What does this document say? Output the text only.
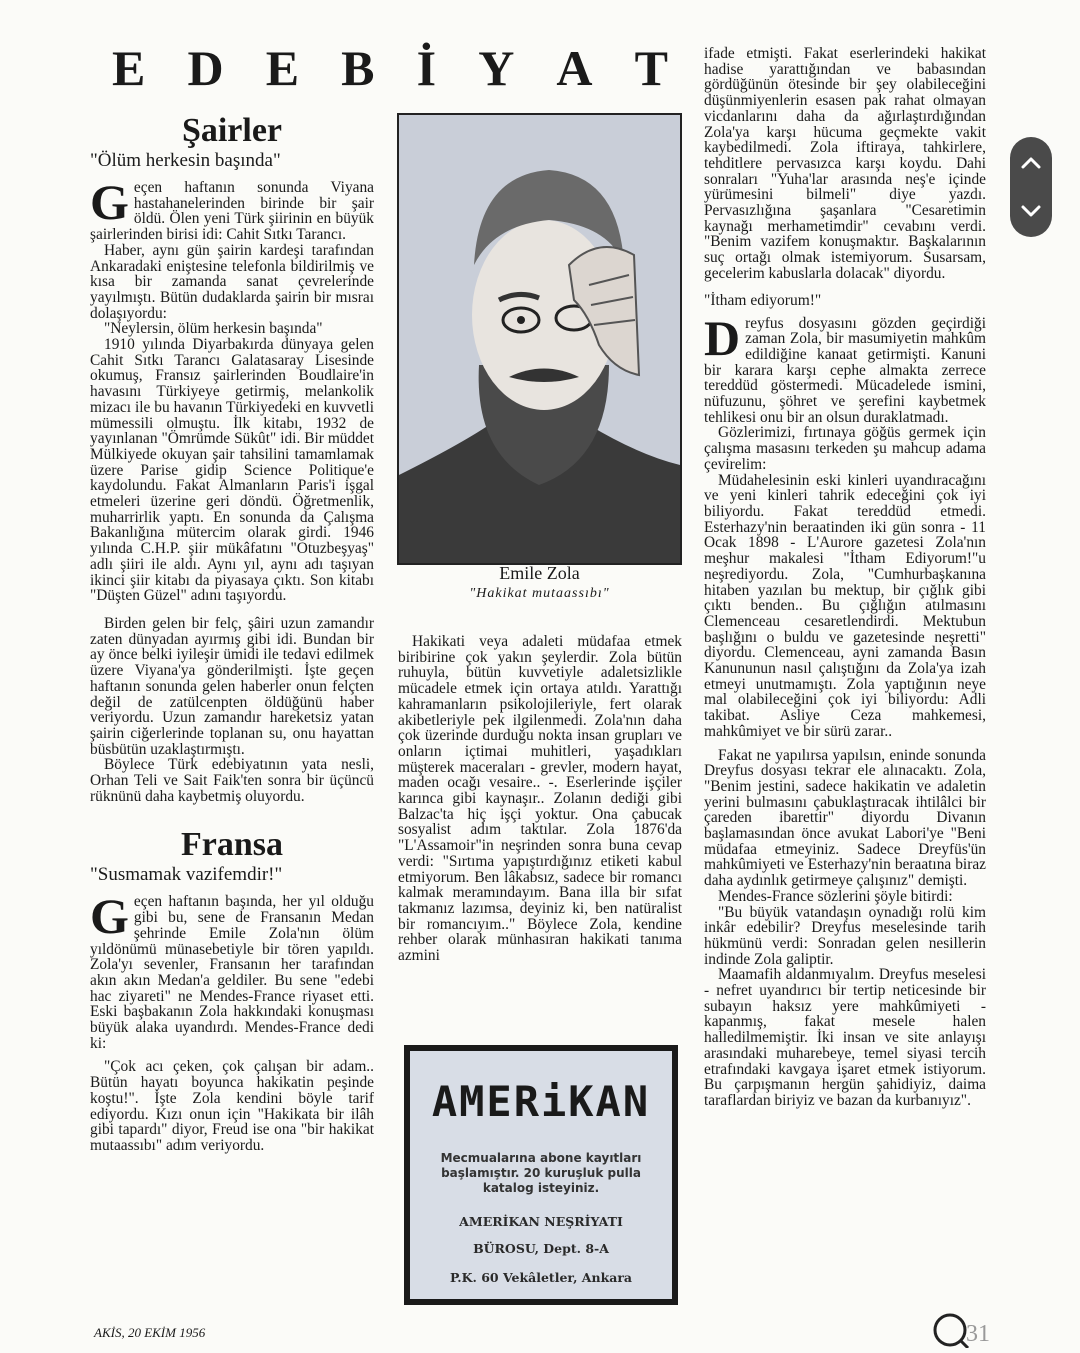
E D E B İ Y A T
Şairler
"Ölüm herkesin başında"

Geçen haftanın sonunda Viyana hastahanelerinden birinde bir şair öldü. Ölen yeni Türk şiirinin en büyük şairlerinden birisi idi: Cahit Sıtkı Tarancı.

Haber, aynı gün şairin kardeşi tarafından Ankaradaki eniştesine telefonla bildirilmiş ve kısa bir zamanda sanat çevrelerinde yayılmıştı. Bütün dudaklarda şairin bir mısraı dolaşıyordu:

"Neylersin, ölüm herkesin başında"

1910 yılında Diyarbakırda dünyaya gelen Cahit Sıtkı Tarancı Galatasaray Lisesinde okumuş, Fransız şairlerinden Boudlaire'in havasını Türkiyeye getirmiş, melankolik mizacı ile bu havanın Türkiyedeki en kuvvetli mümessili olmuştu. İlk kitabı, 1932 de yayınlanan "Ömrümde Sükût" idi. Bir müddet Mülkiyede okuyan şair tahsilini tamamlamak üzere Parise gidip Science Politique'e kaydolundu. Fakat Almanların Paris'i işgal etmeleri üzerine geri döndü. Öğretmenlik, muharrirlik yaptı. En sonunda da Çalışma Bakanlığına mütercim olarak girdi. 1946 yılında C.H.P. şiir mükâfatını "Otuzbeşyaş" adlı şiiri ile aldı. Aynı yıl, aynı adı taşıyan ikinci şiir kitabı da piyasaya çıktı. Son kitabı "Düşten Güzel" adını taşıyordu.

Birden gelen bir felç, şâiri uzun zamandır zaten dünyadan ayırmış gibi idi. Bundan bir ay önce belki iyileşir ümidi ile tedavi edilmek üzere Viyana'ya gönderilmişti. İşte geçen haftanın sonunda gelen haberler onun felçten değil de zatülcenpten öldüğünü haber veriyordu. Uzun zamandır hareketsiz yatan şairin ciğerlerinde toplanan su, onu hayattan büsbütün uzaklaştırmıştı.

Böylece Türk edebiyatının yata nesli, Orhan Teli ve Sait Faik'ten sonra bir üçüncü rüknünü daha kaybetmiş oluyordu.

Fransa
"Susmamak vazifemdir!"

Geçen haftanın başında, her yıl olduğu gibi bu, sene de Fransanın Medan şehrinde Emile Zola'nın ölüm yıldönümü münasebetiyle bir tören yapıldı. Zola'yı sevenler, Fransanın her tarafından akın akın Medan'a geldiler. Bu sene "edebi hac ziyareti" ne Mendes-France riyaset etti. Eski başbakanın Zola hakkındaki konuşması büyük alaka uyandırdı. Mendes-France dedi ki:

"Çok acı çeken, çok çalışan bir adam.. Bütün hayatı boyunca hakikatin peşinde koştu!". İşte Zola kendini böyle tarif ediyordu. Kızı onun için "Hakikata bir ilâh gibi tapardı" diyor, Freud ise ona "bir hakikat mutaassıbı" adım veriyordu.

Emile Zola
"Hakikat mutaassıbı"

Hakikati veya adaleti müdafaa etmek biribirine çok yakın şeylerdir. Zola bütün ruhuyla, bütün kuvvetiyle adaletsizlikle mücadele etmek için ortaya atıldı. Yarattığı kahramanların psikolojileriyle, fert olarak akibetleriyle pek ilgilenmedi. Zola'nın daha çok üzerinde durduğu nokta insan grupları ve onların içtimai muhitleri, yaşadıkları müşterek maceraları - grevler, modern hayat, maden ocağı vesaire.. -. Eserlerinde işçiler karınca gibi kaynaşır.. Zolanın dediği gibi Balzac'ta hiç işçi yoktur. Ona çabucak sosyalist adım taktılar. Zola 1876'da "L'Assamoir"in neşrinden sonra buna cevap verdi: "Sırtıma yapıştırdığınız etiketi kabul etmiyorum. Ben lâkabsız, sadece bir romancı kalmak meramındayım. Bana illa bir sıfat takmanız lazımsa, deyiniz ki, ben natüralist bir romancıyım.." Böylece Zola, kendine rehber olarak münhasıran hakikati tanıma azmini

AMERiKAN
Mecmualarına abone kayıtları başlamıştır. 20 kuruşluk pulla katalog isteyiniz.
AMERİKAN NEŞRİYATI
BÜROSU, Dept. 8-A
P.K. 60 Vekâletler, Ankara

ifade etmişti. Fakat eserlerindeki hakikat hadise yarattığından ve babasından gördüğünün ötesinde bir şey olabileceğini düşünmiyenlerin esasen pak rahat olmayan vicdanlarını daha da ağırlaştırdığından Zola'ya karşı hücuma geçmekte vakit kaybedilmedi. Zola iftiraya, tahkirlere, tehditlere pervasızca karşı koydu. Dahi sonraları "Yuha'lar arasında neş'e içinde yürümesini bilmeli" diye yazdı. Pervasızlığına şaşanlara "Cesaretimin kaynağı merhametimdir" cevabını verdi. "Benim vazifem konuşmaktır. Başkalarının suç ortağı olmak istemiyorum. Susarsam, gecelerim kabuslarla dolacak" diyordu.

"İtham ediyorum!"

Dreyfus dosyasını gözden geçirdiği zaman Zola, bir masumiyetin mahkûm edildiğine kanaat getirmişti. Kanuni bir karara karşı cephe almakta zerrece tereddüd göstermedi. Mücadelede ismini, nüfuzunu, şöhret ve şerefini kaybetmek tehlikesi onu bir an olsun duraklatmadı.

Gözlerimizi, fırtınaya göğüs germek için çalışma masasını terkeden şu mahcup adama çevirelim:

Müdahelesinin eski kinleri uyandıracağını ve yeni kinleri tahrik edeceğini çok iyi biliyordu. Fakat tereddüd etmedi. Esterhazy'nin beraatinden iki gün sonra - 11 Ocak 1898 - L'Aurore gazetesi Zola'nın meşhur makalesi "İtham Ediyorum!"u neşrediyordu. Zola, "Cumhurbaşkanına hitaben yazılan bu mektup, bir çığlık gibi çıktı benden.. Bu çığlığın atılmasını Clemenceau cesaretlendirdi. Mektubun başlığını o buldu ve gazetesinde neşretti" diyordu. Clemenceau, ayni zamanda Basın Kanununun nasıl çalıştığını da Zola'ya izah etmeyi unutmamıştı. Zola yaptığının neye mal olabileceğini çok iyi biliyordu: Adli takibat. Asliye Ceza mahkemesi, mahkûmiyet ve bir sürü zarar..

Fakat ne yapılırsa yapılsın, eninde sonunda Dreyfus dosyası tekrar ele alınacaktı. Zola, "Benim jestini, sadece hakikatin ve adaletin yerini bulmasını çabuklaştıracak ihtilâlci bir çareden ibarettir" diyordu Divanın başlamasından önce avukat Labori'ye "Beni müdafaa etmeyiniz. Sadece Dreyfüs'ün mahkûmiyeti ve Esterhazy'nin beraatına biraz daha aydınlık getirmeye çalışınız" demişti.

Mendes-France sözlerini şöyle bitirdi:

"Bu büyük vatandaşın oynadığı rolü kim inkâr edebilir? Dreyfus meselesinde tarih hükmünü verdi: Sonradan gelen nesillerin indinde Zola galiptir.

Maamafih aldanmıyalım. Dreyfus meselesi - nefret uyandırıcı bir tertip neticesinde bir subayın haksız yere mahkûmiyeti - kapanmış, fakat mesele halen halledilmemiştir. İki insan ve site anlayışı arasındaki muharebeye, temel siyasi tercih etrafındaki kavgaya işaret etmek istiyorum. Bu çarpışmanın hergün şahidiyiz, daima taraflardan biriyiz ve bazan da kurbanıyız".

AKİS, 20 EKİM 1956	31
